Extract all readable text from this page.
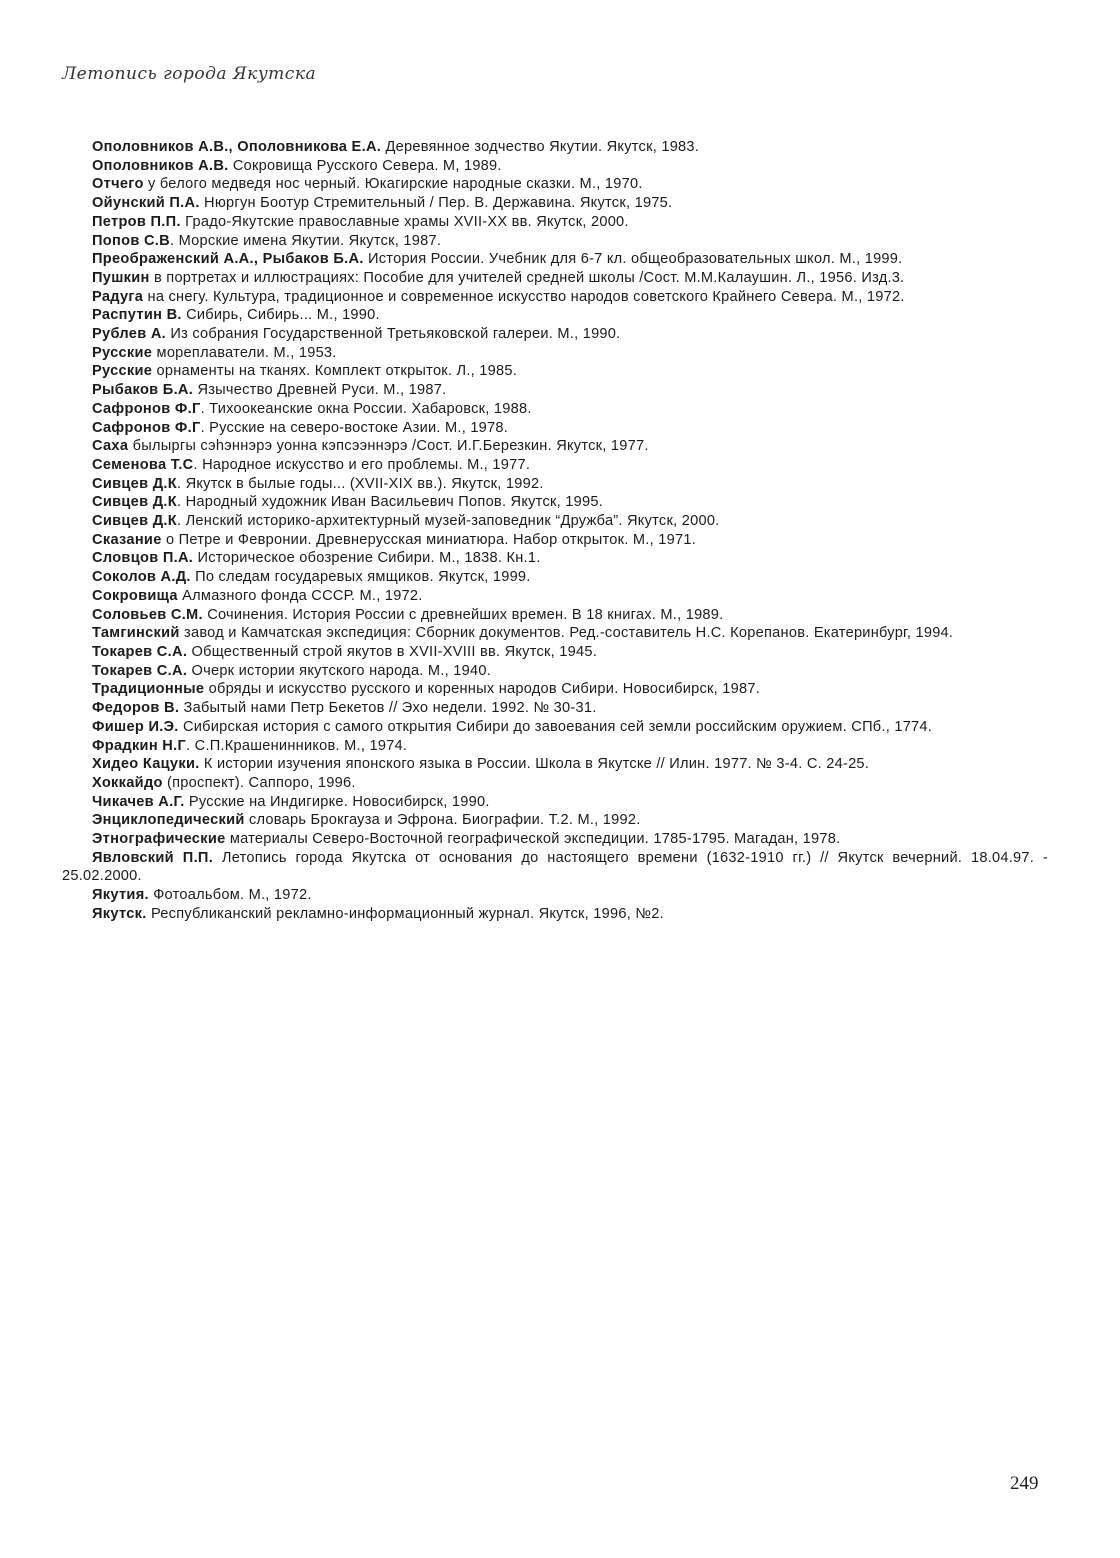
Летопись города Якутска
Ополовников А.В., Ополовникова Е.А. Деревянное зодчество Якутии. Якутск, 1983.
Ополовников А.В. Сокровища Русского Севера. М, 1989.
Отчего у белого медведя нос черный. Юкагирские народные сказки. М., 1970.
Ойунский П.А. Нюргун Боотур Стремительный / Пер. В. Державина. Якутск, 1975.
Петров П.П. Градо-Якутские православные храмы XVII-XX вв. Якутск, 2000.
Попов С.В. Морские имена Якутии. Якутск, 1987.
Преображенский А.А., Рыбаков Б.А. История России. Учебник для 6-7 кл. общеобразовательных школ. М., 1999.
Пушкин в портретах и иллюстрациях: Пособие для учителей средней школы /Сост. М.М.Калаушин. Л., 1956. Изд.3.
Радуга на снегу. Культура, традиционное и современное искусство народов советского Крайнего Севера. М., 1972.
Распутин В. Сибирь, Сибирь... М., 1990.
Рублев А. Из собрания Государственной Третьяковской галереи. М., 1990.
Русские мореплаватели. М., 1953.
Русские орнаменты на тканях. Комплект открыток. Л., 1985.
Рыбаков Б.А. Язычество Древней Руси. М., 1987.
Сафронов Ф.Г. Тихоокеанские окна России. Хабаровск, 1988.
Сафронов Ф.Г. Русские на северо-востоке Азии. М., 1978.
Саха былыргы сэhэннэрэ уонна кэпсээннэрэ /Сост. И.Г.Березкин. Якутск, 1977.
Семенова Т.С. Народное искусство и его проблемы. М., 1977.
Сивцев Д.К. Якутск в былые годы... (XVII-XIX вв.). Якутск, 1992.
Сивцев Д.К. Народный художник Иван Васильевич Попов. Якутск, 1995.
Сивцев Д.К. Ленский историко-архитектурный музей-заповедник “Дружба”. Якутск, 2000.
Сказание о Петре и Февронии. Древнерусская миниатюра. Набор открыток. М., 1971.
Словцов П.А. Историческое обозрение Сибири. М., 1838. Кн.1.
Соколов А.Д. По следам государевых ямщиков. Якутск, 1999.
Сокровища Алмазного фонда СССР. М., 1972.
Соловьев С.М. Сочинения. История России с древнейших времен. В 18 книгах. М., 1989.
Тамгинский завод и Камчатская экспедиция: Сборник документов. Ред.-составитель Н.С. Корепанов. Екатеринбург, 1994.
Токарев С.А. Общественный строй якутов в XVII-XVIII вв. Якутск, 1945.
Токарев С.А. Очерк истории якутского народа. М., 1940.
Традиционные обряды и искусство русского и коренных народов Сибири. Новосибирск, 1987.
Федоров В. Забытый нами Петр Бекетов // Эхо недели. 1992. № 30-31.
Фишер И.Э. Сибирская история с самого открытия Сибири до завоевания сей земли российским оружием. СПб., 1774.
Фрадкин Н.Г. С.П.Крашенинников. М., 1974.
Хидео Кацуки. К истории изучения японского языка в России. Школа в Якутске // Илин. 1977. № 3-4. С. 24-25.
Хоккайдо (проспект). Саппоро, 1996.
Чикачев А.Г. Русские на Индигирке. Новосибирск, 1990.
Энциклопедический словарь Брокгауза и Эфрона. Биографии. Т.2. М., 1992.
Этнографические материалы Северо-Восточной географической экспедиции. 1785-1795. Магадан, 1978.
Явловский П.П. Летопись города Якутска от основания до настоящего времени (1632-1910 гг.) // Якутск вечерний. 18.04.97. - 25.02.2000.
Якутия. Фотоальбом. М., 1972.
Якутск. Республиканский рекламно-информационный журнал. Якутск, 1996, №2.
249
